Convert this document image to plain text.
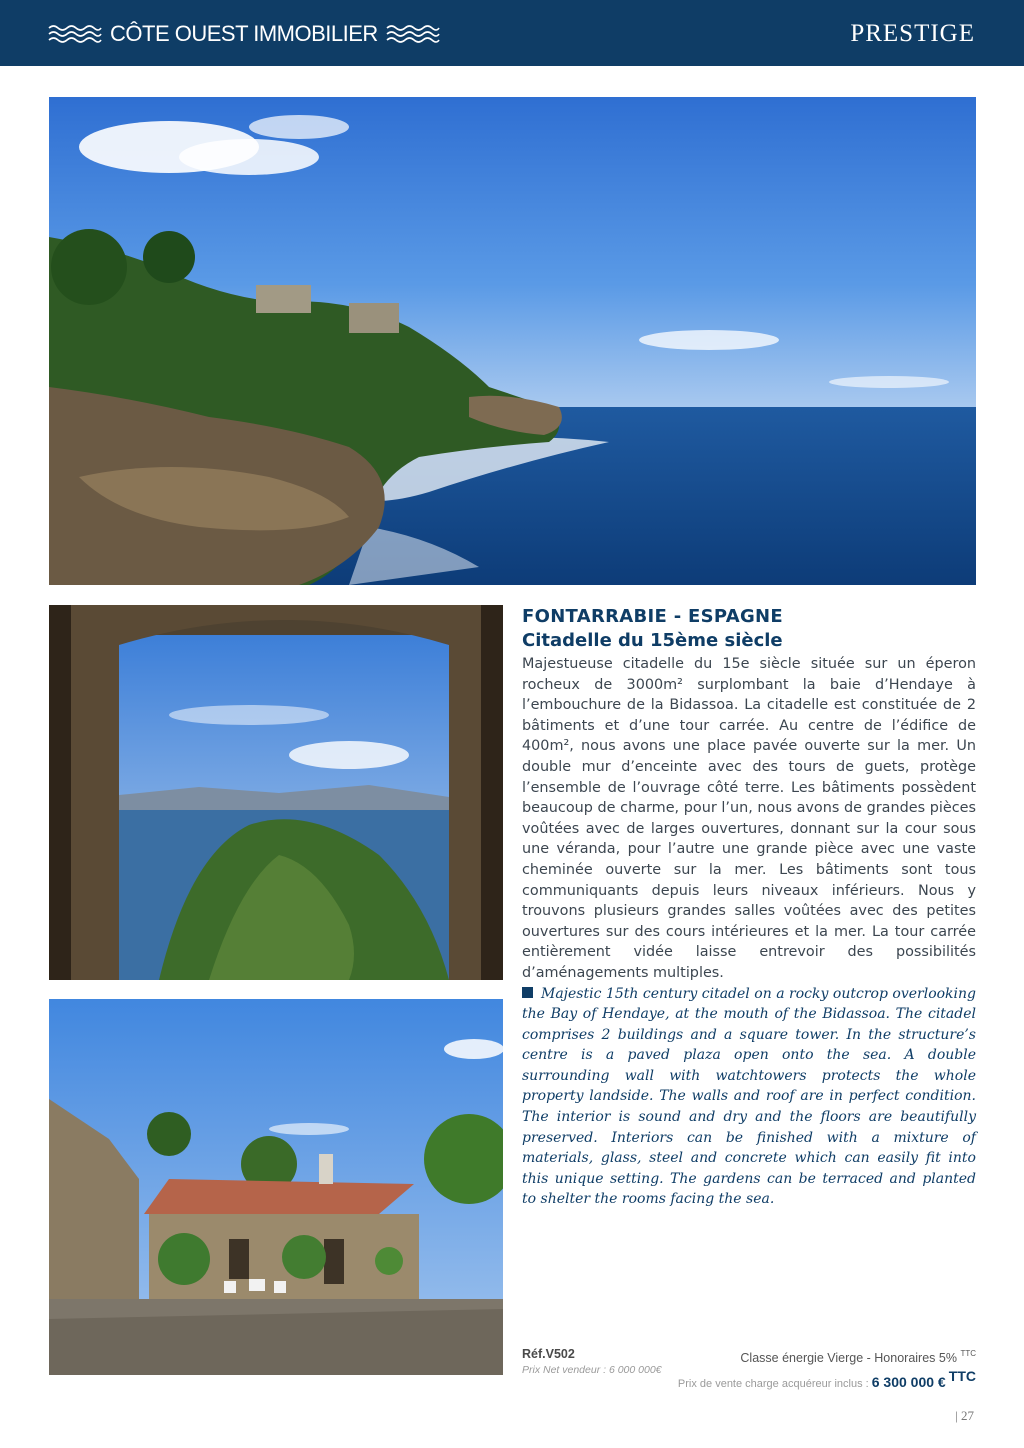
CÔTE OUEST IMMOBILIER	PRESTIGE
FONTARRABIE - ESPAGNE
Citadelle du 15ème siècle

Majestueuse citadelle du 15e siècle située sur un éperon rocheux de 3000m² surplombant la baie d’Hendaye à l’embouchure de la Bidassoa. La citadelle est constituée de 2 bâtiments et d’une tour carrée. Au centre de l’édifice de 400m², nous avons une place pavée ouverte sur la mer. Un double mur d’enceinte avec des tours de guets, protège l’ensemble de l’ouvrage côté terre. Les bâtiments possèdent beaucoup de charme, pour l’un, nous avons de grandes pièces voûtées avec de larges ouvertures, donnant sur la cour sous une véranda, pour l’autre une grande pièce avec une vaste cheminée ouverte sur la mer. Les bâtiments sont tous communiquants depuis leurs niveaux inférieurs. Nous y trouvons plusieurs grandes salles voûtées avec des petites ouvertures sur des cours intérieures et la mer. La tour carrée entièrement vidée laisse entrevoir des possibilités d’aménagements multiples.

Majestic 15th century citadel on a rocky outcrop overlooking the Bay of Hendaye, at the mouth of the Bidassoa. The citadel comprises 2 buildings and a square tower. In the structure’s centre is a paved plaza open onto the sea. A double surrounding wall with watchtowers protects the whole property landside. The walls and roof are in perfect condition. The interior is sound and dry and the floors are beautifully preserved. Interiors can be finished with a mixture of materials, glass, steel and concrete which can easily fit into this unique setting. The gardens can be terraced and planted to shelter the rooms facing the sea.

Réf.V502
Prix Net vendeur : 6 000 000€
Classe énergie Vierge - Honoraires 5% $^{TTC}$
Prix de vente charge acquéreur inclus : 6 300 000 € $^{TTC}$
| 27
